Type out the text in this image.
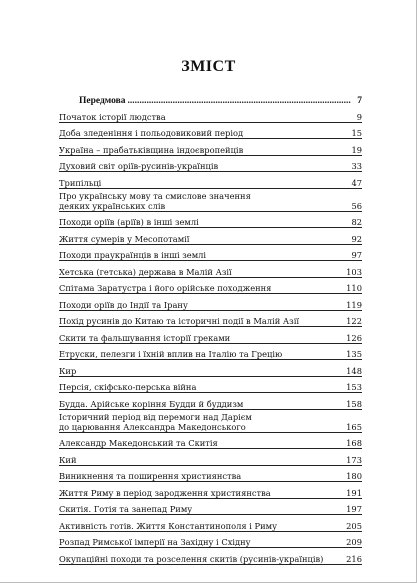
ЗМІСТ
Передмова .....	7
Початок історії людства	9
Доба зледеніння і польодовиковий період	15
Україна – прабатьківщина індоєвропейців	19
Духовий світ оріїв-русинів-українців	33
Трипільці	47
Про українську мову та смислове значення
деяких українських слів	56
Походи оріїв (аріїв) в інші землі	82
Життя сумерів у Месопотамії	92
Походи праукраїнців в інші землі	97
Хетська (гетська) держава в Малій Азії	103
Спітама Заратустра і його орійське походження	110
Походи оріїв до Індії та Ірану	119
Похід русинів до Китаю та історичні події в Малій Азії	122
Скити та фальшування історії греками	126
Етруски, пелезги і їхній вплив на Італію та Грецію	135
Кир	148
Персія, скіфсько-перська війна	153
Будда. Арійське коріння Будди й буддизм	158
Історичний період від перемоги над Дарієм
до царювання Александра Македонського	165
Александр Македонський та Скитія	168
Кий	173
Виникнення та поширення християнства	180
Життя Риму в період зародження християнства	191
Скитія. Готія та занепад Риму	197
Активність готів. Життя Константинополя і Риму	205
Розпад Римської імперії на Західну і Східну	209
Окупаційні походи та розселення скитів (русинів-українців)	216
